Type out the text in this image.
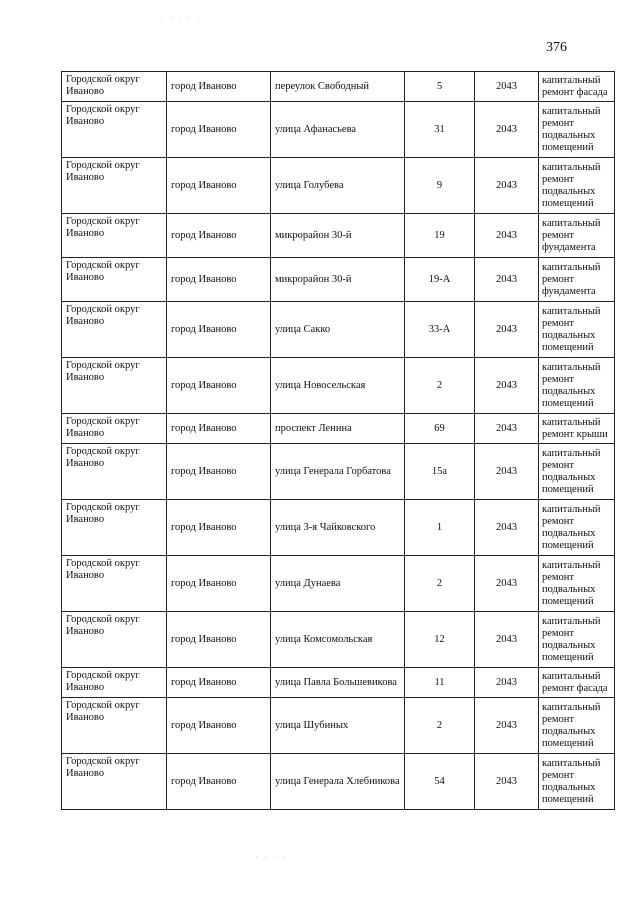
376
Городской округ Иваново	город Иваново	переулок Свободный	5	2043	капитальный ремонт фасада
Городской округ Иваново	город Иваново	улица Афанасьева	31	2043	капитальный ремонт подвальных помещений
Городской округ Иваново	город Иваново	улица Голубева	9	2043	капитальный ремонт подвальных помещений
Городской округ Иваново	город Иваново	микрорайон 30-й	19	2043	капитальный ремонт фундамента
Городской округ Иваново	город Иваново	микрорайон 30-й	19-А	2043	капитальный ремонт фундамента
Городской округ Иваново	город Иваново	улица Сакко	33-А	2043	капитальный ремонт подвальных помещений
Городской округ Иваново	город Иваново	улица Новосельская	2	2043	капитальный ремонт подвальных помещений
Городской округ Иваново	город Иваново	проспект Ленина	69	2043	капитальный ремонт крыши
Городской округ Иваново	город Иваново	улица Генерала Горбатова	15а	2043	капитальный ремонт подвальных помещений
Городской округ Иваново	город Иваново	улица 3-я Чайковского	1	2043	капитальный ремонт подвальных помещений
Городской округ Иваново	город Иваново	улица Дунаева	2	2043	капитальный ремонт подвальных помещений
Городской округ Иваново	город Иваново	улица Комсомольская	12	2043	капитальный ремонт подвальных помещений
Городской округ Иваново	город Иваново	улица Павла Большевикова	11	2043	капитальный ремонт фасада
Городской округ Иваново	город Иваново	улица Шубиных	2	2043	капитальный ремонт подвальных помещений
Городской округ Иваново	город Иваново	улица Генерала Хлебникова	54	2043	капитальный ремонт подвальных помещений
· · · ·
· · · · ·
